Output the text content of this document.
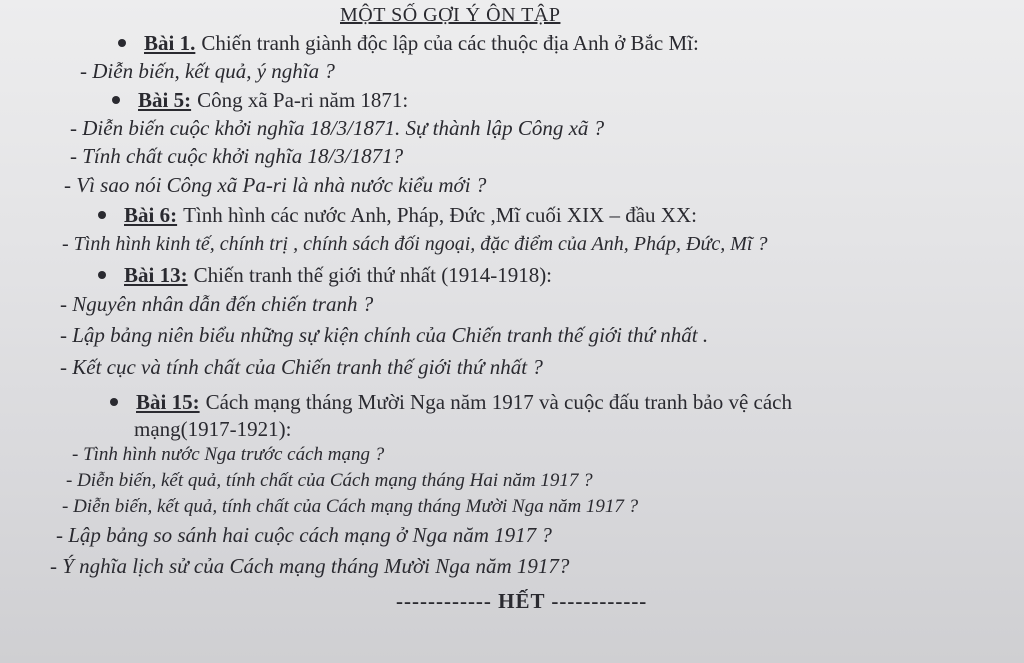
MỘT SỐ GỢI Ý ÔN TẬP
Bài 1. Chiến tranh giành độc lập của các thuộc địa Anh ở Bắc Mĩ:
- Diễn biến, kết quả, ý nghĩa ?
Bài 5: Công xã Pa-ri năm 1871:
- Diễn biến cuộc khởi nghĩa 18/3/1871. Sự thành lập Công xã ?
- Tính chất cuộc khởi nghĩa 18/3/1871?
- Vì sao nói Công xã Pa-ri là nhà nước kiểu mới ?
Bài 6: Tình hình các nước Anh, Pháp, Đức ,Mĩ cuối XIX – đầu XX:
- Tình hình kinh tế, chính trị , chính sách đối ngoại, đặc điểm của Anh, Pháp, Đức, Mĩ ?
Bài 13: Chiến tranh thế giới thứ nhất (1914-1918):
- Nguyên nhân dẫn đến chiến tranh ?
- Lập bảng niên biểu những sự kiện chính của Chiến tranh thế giới thứ nhất .
- Kết cục và tính chất của Chiến tranh thế giới thứ nhất ?
Bài 15: Cách mạng tháng Mười Nga năm 1917 và cuộc đấu tranh bảo vệ cách
mạng(1917-1921):
- Tình hình nước Nga trước cách mạng ?
- Diễn biến, kết quả, tính chất của Cách mạng tháng Hai năm 1917 ?
- Diễn biến, kết quả, tính chất của Cách mạng tháng Mười Nga năm 1917 ?
- Lập bảng so sánh hai cuộc cách mạng ở Nga năm 1917 ?
- Ý nghĩa lịch sử của Cách mạng tháng Mười Nga năm 1917?
------------ HẾT ------------
